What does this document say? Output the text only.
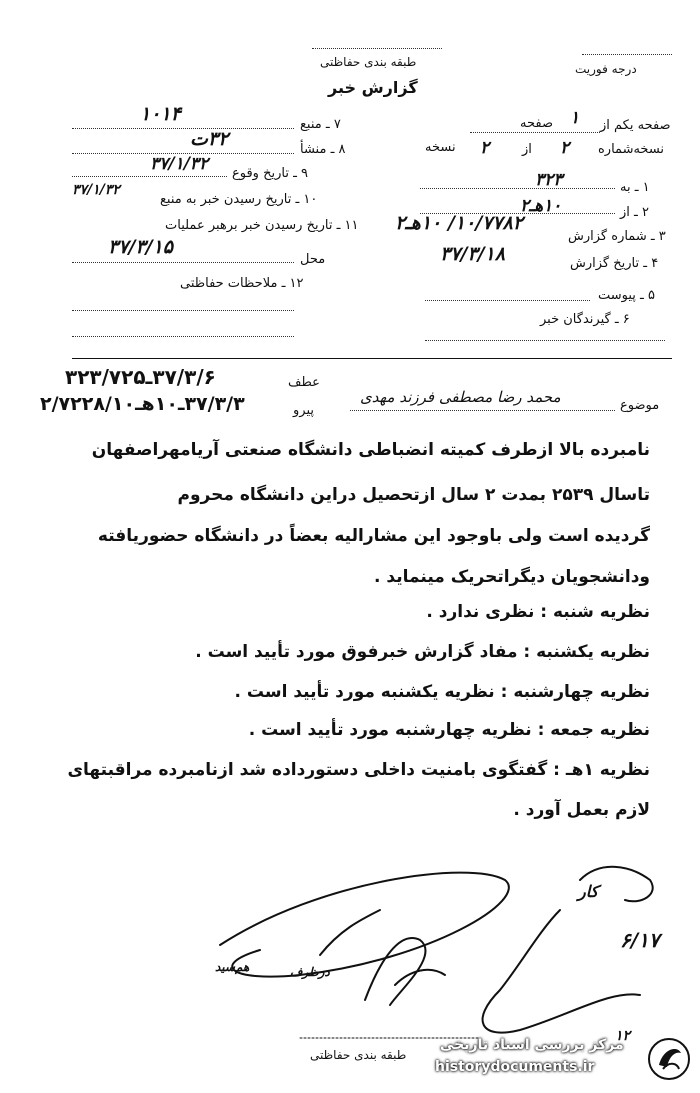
درجه فوریت
طبقه بندی حفاظتی
گزارش خبر
صفحه یکم از
صفحه ۱
نسخه‌شماره
از
نسخه	۲
۲
۱ ـ به
۳۲۳
۲ ـ از
۱۰هـ۲
۳ ـ شماره گزارش
۱۰/۷۷۸۲/ ۱۰هـ۲
۴ ـ تاریخ گزارش
۳۷/۳/۱۸
۵ ـ پیوست
۶ ـ گیرندگان خبر
۷ ـ منبع
۱۰۱۴
۸ ـ منشأ
۳۲ت
۹ ـ تاریخ وقوع
۳۷/۱/۳۲
۱۰ ـ تاریخ رسیدن خبر به منبع
۳۷/۱/۳۲
۱۱ ـ تاریخ رسیدن خبر برهبر عملیات
محل
۳۷/۳/۱۵
۱۲ ـ ملاحظات حفاظتی
عطف
۳۷/۳/۶ـ۳۲۳/۷۲۵
پیرو
۳۷/۳/۳ـ۱۰هـ۲/۷۲۲۸/۱۰	موضوع
محمد رضا مصطفی فرزند مهدی
نامبرده بالا ازطرف کمیته انضباطی دانشگاه صنعتی آریامهراصفهان
تاسال ۲۵۳۹ بمدت ۲ سال ازتحصیل دراین دانشگاه محروم
گردیده است ولی باوجود این مشارالیه بعضاً در دانشگاه حضوریافته
ودانشجویان دیگراتحریک مینماید .
نظریه شنبه : نظری ندارد .
نظریه یکشنبه : مفاد گزارش خبرفوق مورد تأیید است .
نظریه چهارشنبه : نظریه یکشنبه مورد تأیید است .
نظریه جمعه : نظریه چهارشنبه مورد تأیید است .
نظریه ۱هـ : گفتگوی بامنیت داخلی دستورداده شد ازنامبرده مراقبتهای
لازم بعمل آورد .
درظرف
هم‌سید
۶/۱۷
کار
۱۲
طبقه بندی حفاظتی
مرکز بررسی اسناد تاریخی
historydocuments.ir
